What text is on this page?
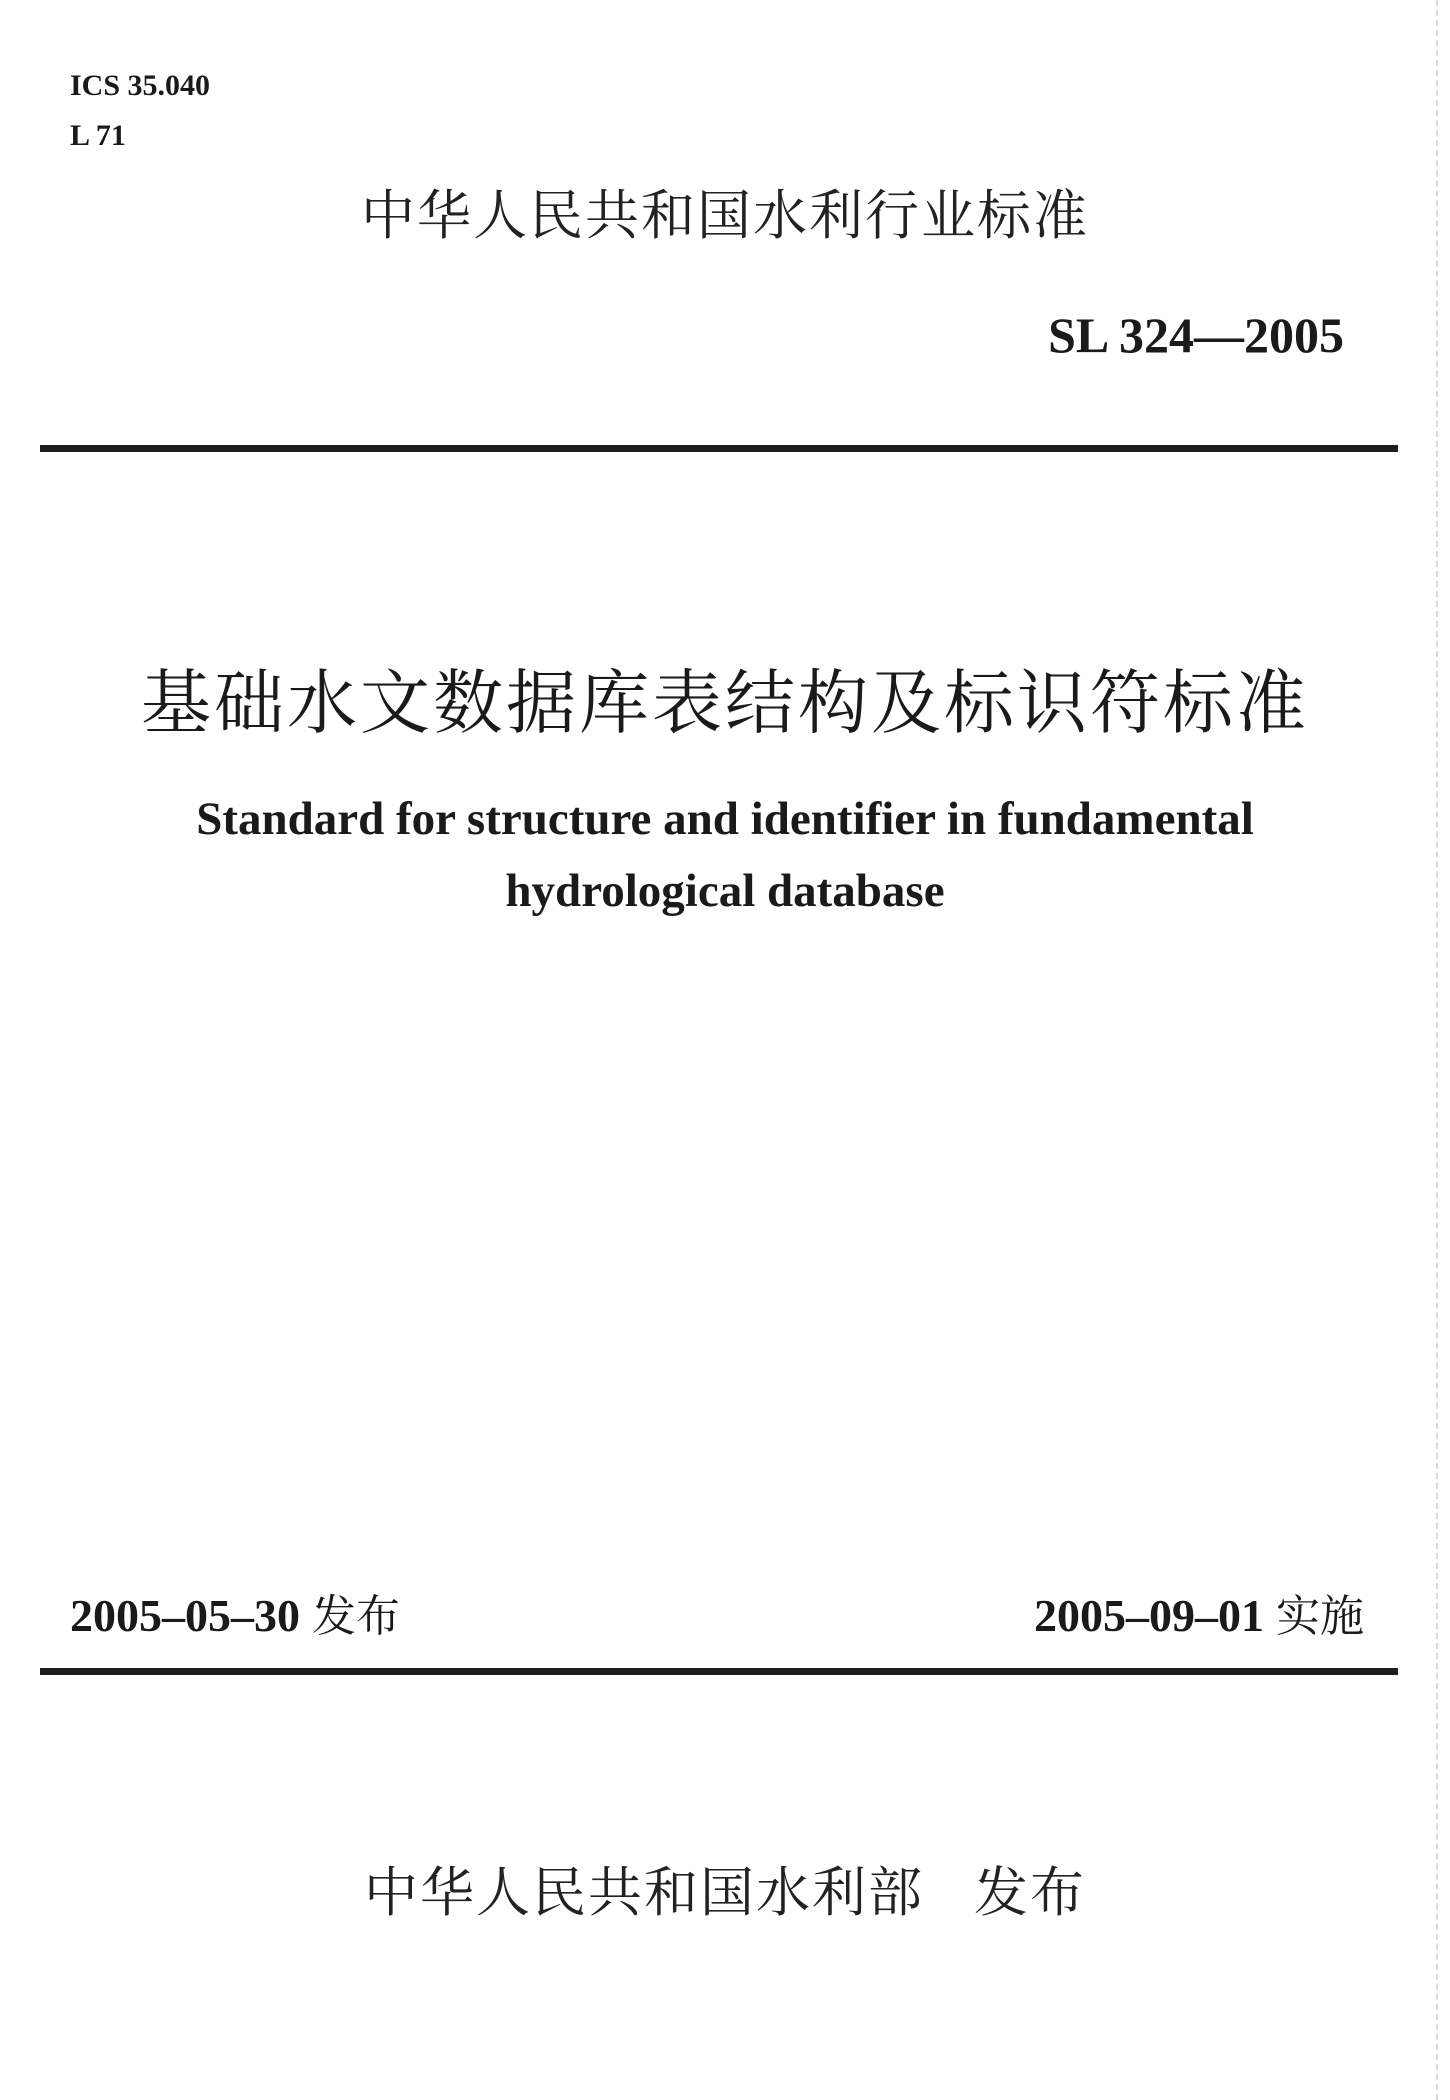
ICS 35.040
L 71
中华人民共和国水利行业标准
SL 324—2005
基础水文数据库表结构及标识符标准
Standard for structure and identifier in fundamental
hydrological database
2005–05–30 发布	2005–09–01 实施
中华人民共和国水利部 发布
